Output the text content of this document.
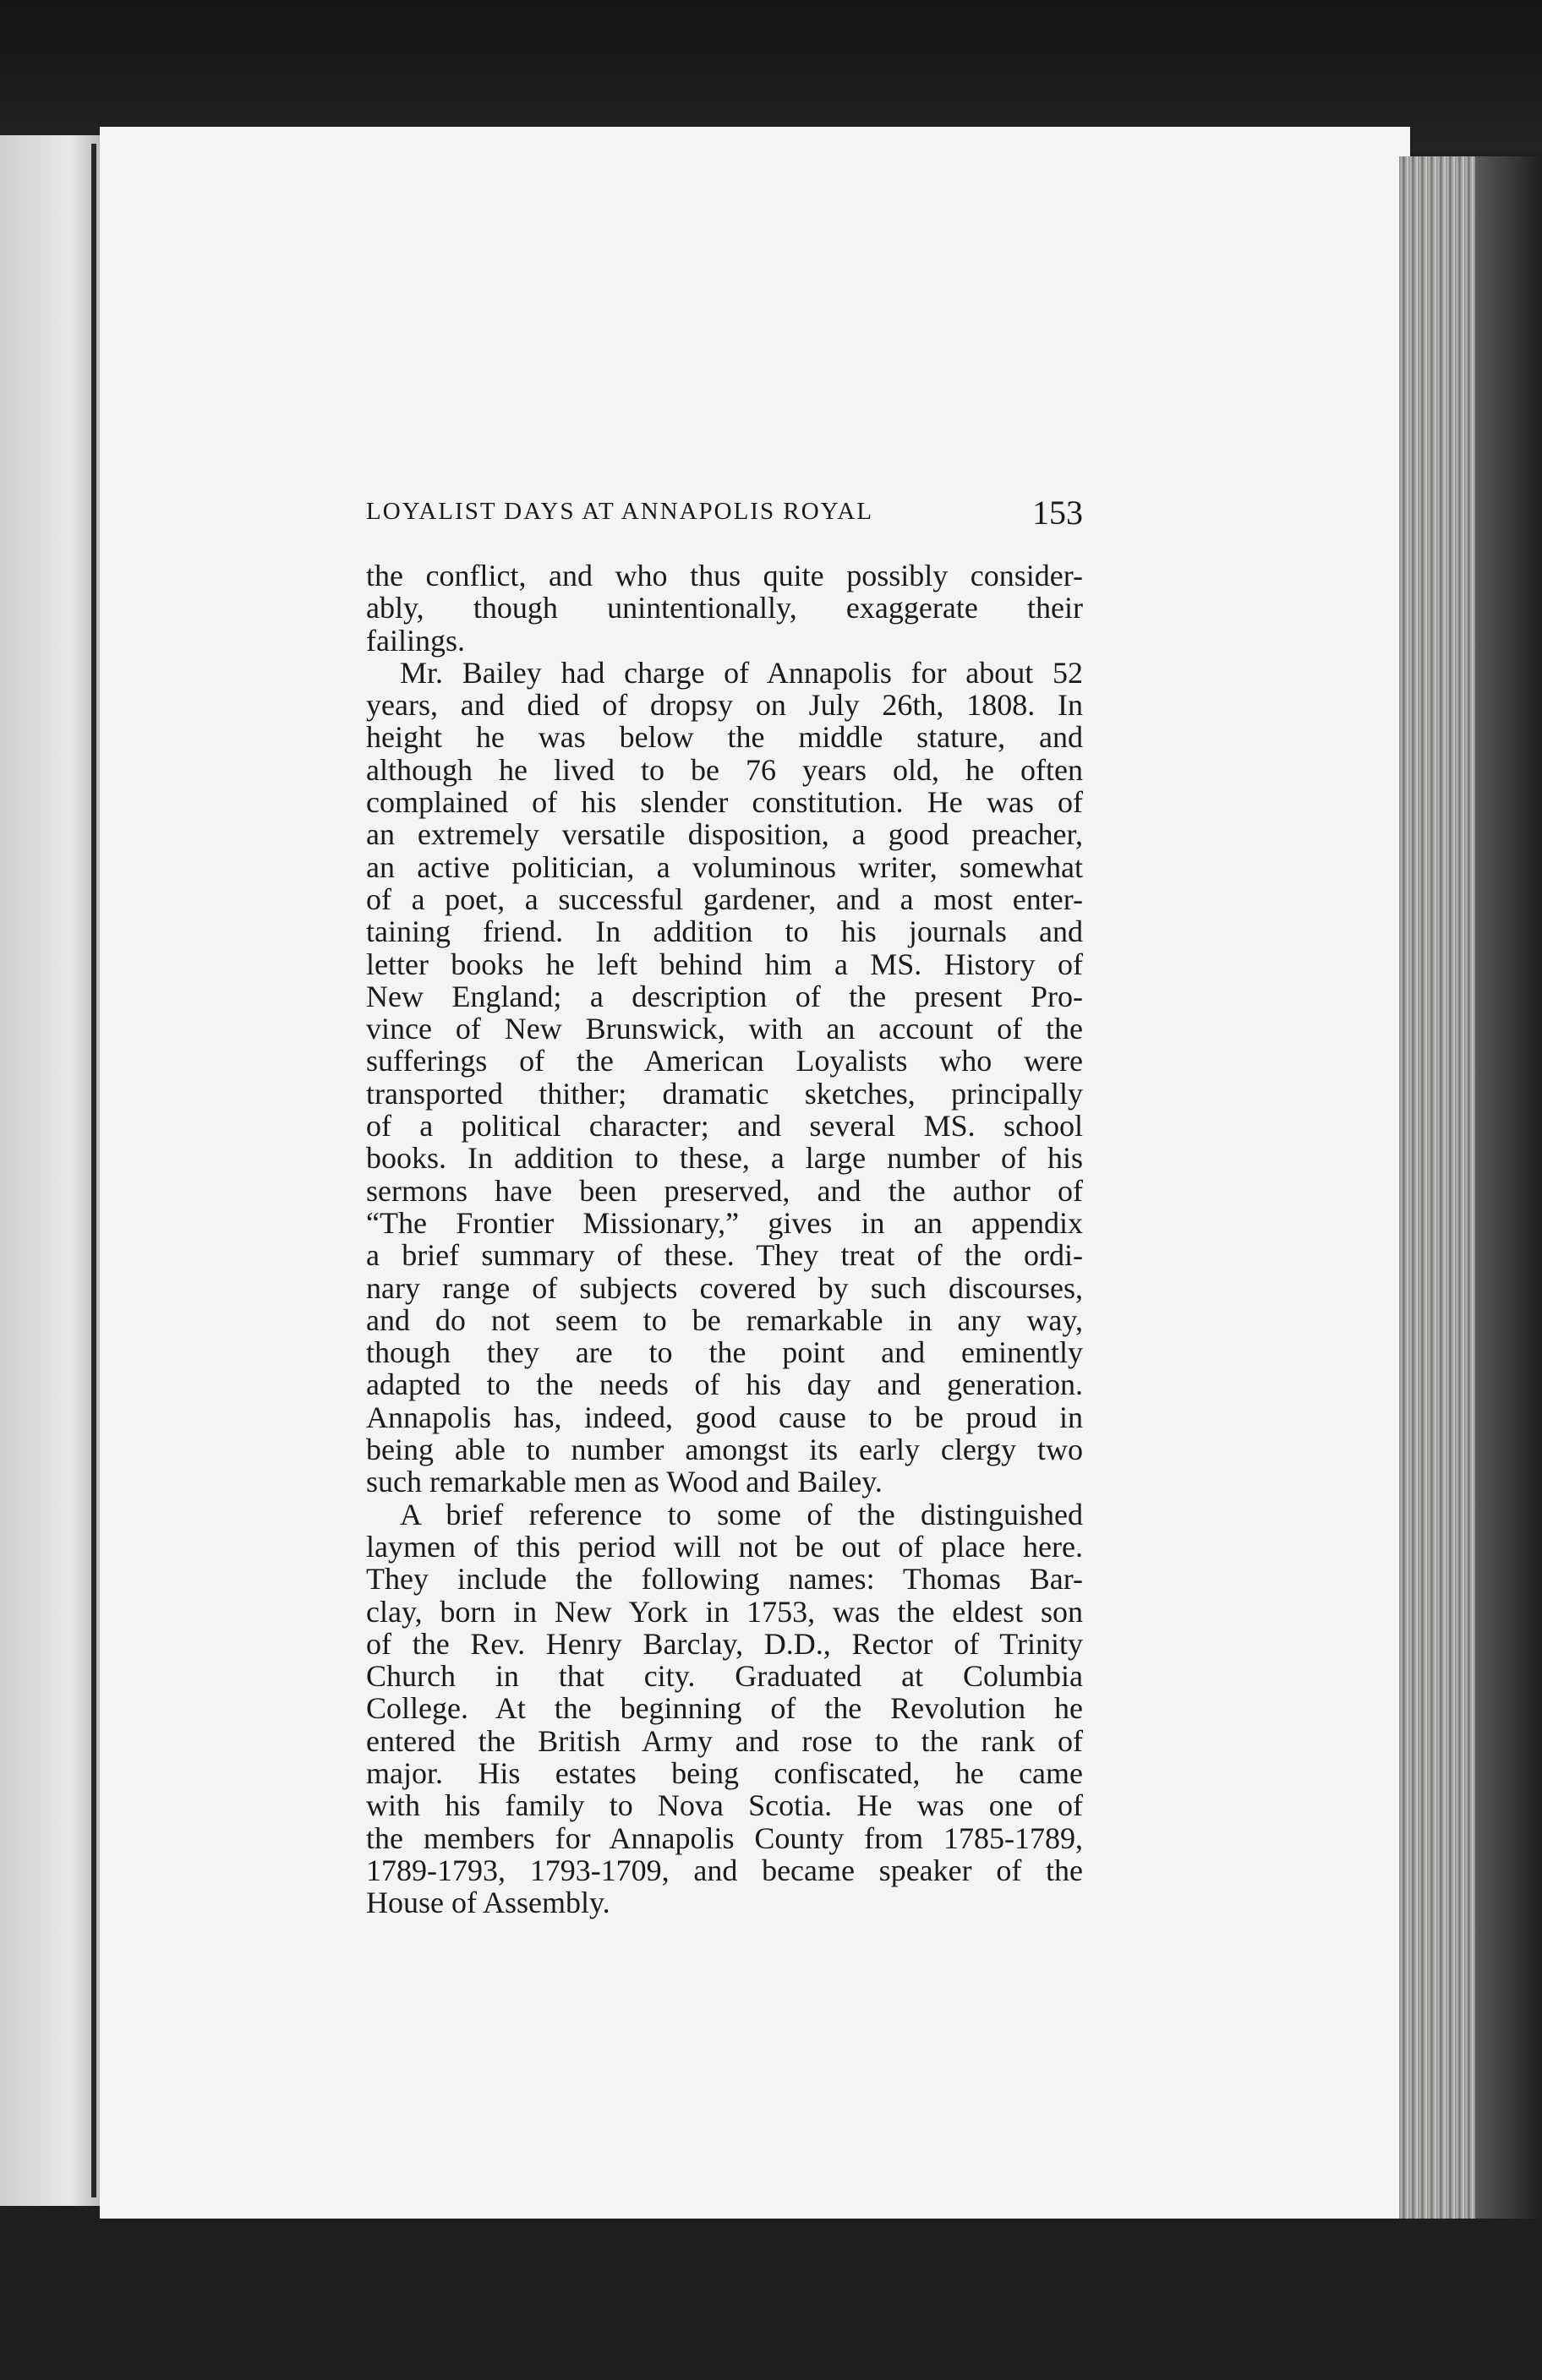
LOYALIST DAYS AT ANNAPOLIS ROYAL	153
the conflict, and who thus quite possibly consider-
ably, though unintentionally, exaggerate their
failings.
Mr. Bailey had charge of Annapolis for about 52
years, and died of dropsy on July 26th, 1808. In
height he was below the middle stature, and
although he lived to be 76 years old, he often
complained of his slender constitution. He was of
an extremely versatile disposition, a good preacher,
an active politician, a voluminous writer, somewhat
of a poet, a successful gardener, and a most enter-
taining friend. In addition to his journals and
letter books he left behind him a MS. History of
New England; a description of the present Pro-
vince of New Brunswick, with an account of the
sufferings of the American Loyalists who were
transported thither; dramatic sketches, principally
of a political character; and several MS. school
books. In addition to these, a large number of his
sermons have been preserved, and the author of
“The Frontier Missionary,” gives in an appendix
a brief summary of these. They treat of the ordi-
nary range of subjects covered by such discourses,
and do not seem to be remarkable in any way,
though they are to the point and eminently
adapted to the needs of his day and generation.
Annapolis has, indeed, good cause to be proud in
being able to number amongst its early clergy two
such remarkable men as Wood and Bailey.
A brief reference to some of the distinguished
laymen of this period will not be out of place here.
They include the following names: Thomas Bar-
clay, born in New York in 1753, was the eldest son
of the Rev. Henry Barclay, D.D., Rector of Trinity
Church in that city. Graduated at Columbia
College. At the beginning of the Revolution he
entered the British Army and rose to the rank of
major. His estates being confiscated, he came
with his family to Nova Scotia. He was one of
the members for Annapolis County from 1785-1789,
1789-1793, 1793-1709, and became speaker of the
House of Assembly.
